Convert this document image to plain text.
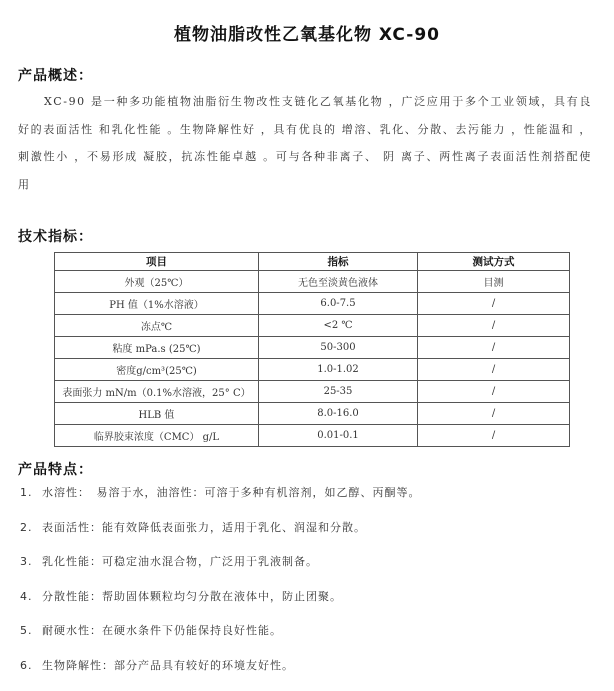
植物油脂改性乙氧基化物 XC-90
产品概述：
XC-90 是一种多功能植物油脂衍生物改性支链化乙氧基化物 ，广泛应用于多个工业领域，具有良好的表面活性 和乳化性能 。生物降解性好 ，具有优良的 增溶、乳化、分散、去污能力 ，性能温和 ，刺激性小 ，不易形成 凝胶，抗冻性能卓越 。可与各种非离子、 阴 离子、两性离子表面活性剂搭配使用
技术指标：
项目	指标	测试方式
外观（25℃）	无色至淡黄色液体	目测
PH 值（1%水溶液）	6.0-7.5	/
冻点℃	<2 ℃	/
粘度 mPa.s (25℃)	50-300	/
密度g/cm³(25℃)	1.0-1.02	/
表面张力 mN/m（0.1%水溶液，25° C）	25-35	/
HLB 值	8.0-16.0	/
临界胶束浓度（CMC） g/L	0.01-0.1	/
产品特点：
1. 水溶性：　易溶于水，油溶性：可溶于多种有机溶剂，如乙醇、丙酮等。
2. 表面活性：能有效降低表面张力，适用于乳化、润湿和分散。
3. 乳化性能：可稳定油水混合物，广泛用于乳液制备。
4. 分散性能：帮助固体颗粒均匀分散在液体中，防止团聚。
5. 耐硬水性：在硬水条件下仍能保持良好性能。
6. 生物降解性：部分产品具有较好的环境友好性。
